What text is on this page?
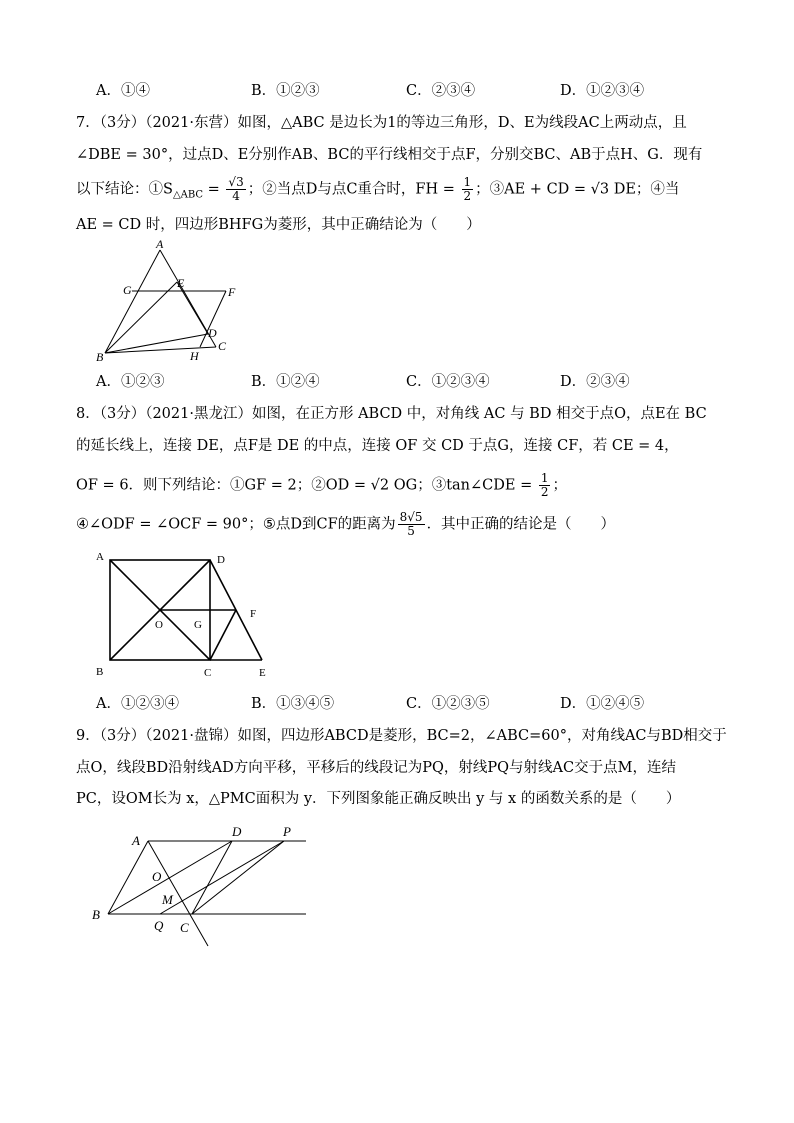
A．①④	B．①②③	C．②③④	D．①②③④
7．（3分）（2021·东营）如图，△ABC 是边长为1的等边三角形，D、E为线段AC上两动点，且
∠DBE = 30°，过点D、E分别作AB、BC的平行线相交于点F，分别交BC、AB于点H、G．现有
以下结论：$①S_{\triangle ABC} = \frac{√3}{4}$ ；②当点D与点C重合时，FH = $\frac{1}{2}$ ；③AE + CD = √3 DE；④当
AE = CD 时，四边形BHFG为菱形，其中正确结论为（　　）
A
G	E
F
D
C
B	H
A．①②③	B．①②④	C．①②③④	D．②③④
8．（3分）（2021·黑龙江）如图，在正方形 ABCD 中，对角线 AC 与 BD 相交于点O，点E在 BC
的延长线上，连接 DE，点F是 DE 的中点，连接 OF 交 CD 于点G，连接 CF，若 CE = 4，
OF = 6．则下列结论：①GF = 2；②OD = √2 OG；③tan∠CDE = $\frac{1}{2}$ ；
④∠ODF = ∠OCF = 90°；⑤点D到CF的距离为 $\frac{8√5}{5}$ ．其中正确的结论是（　　）
A	D
O	G
F
B	C	E
A．①②③④	B．①③④⑤	C．①②③⑤	D．①②④⑤
9．（3分）（2021·盘锦）如图，四边形ABCD是菱形，BC=2，∠ABC=60°，对角线AC与BD相交于
点O，线段BD沿射线AD方向平移，平移后的线段记为PQ，射线PQ与射线AC交于点M，连结
PC，设OM长为 x，△PMC面积为 y．下列图象能正确反映出 y 与 x 的函数关系的是（　　）
A
D	P
O
M
B
Q C
